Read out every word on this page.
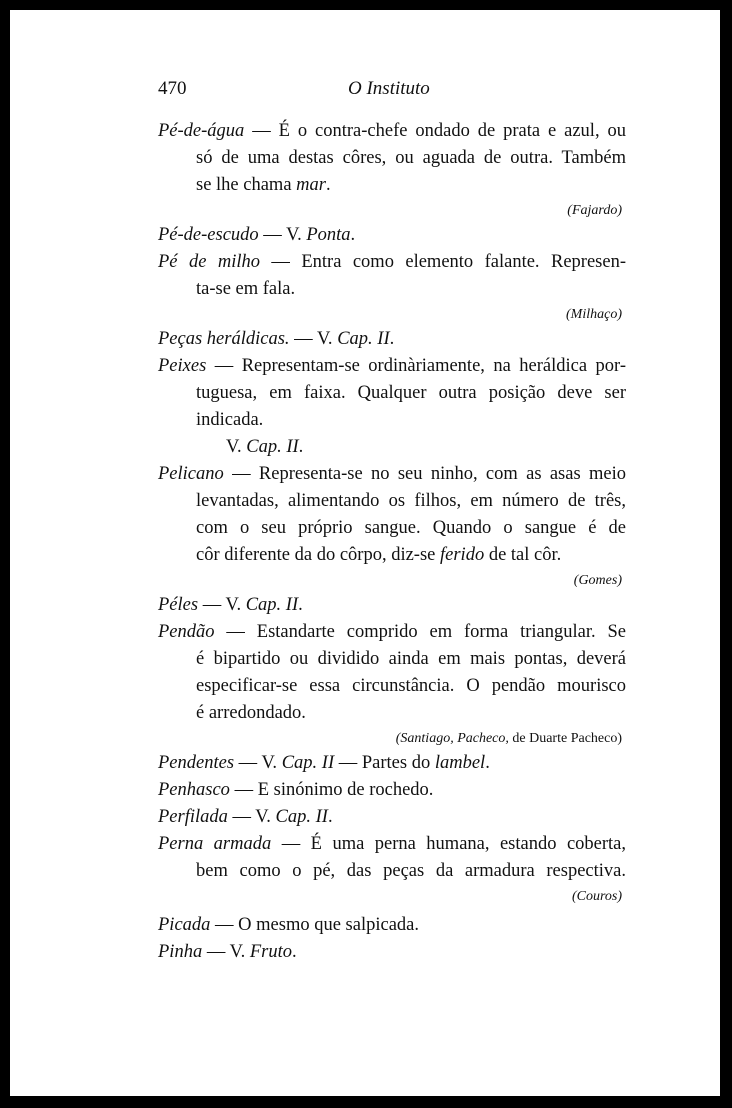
470	O Instituto
Pé-de-água — É o contra-chefe ondado de prata e azul, ou
só de uma destas côres, ou aguada de outra. Também
se lhe chama mar.
(Fajardo)
Pé-de-escudo — V. Ponta.
Pé de milho — Entra como elemento falante. Represen-
ta-se em fala.
(Milhaço)
Peças heráldicas. — V. Cap. II.
Peixes — Representam-se ordinàriamente, na heráldica por-
tuguesa, em faixa. Qualquer outra posição deve ser
indicada.
V. Cap. II.
Pelicano — Representa-se no seu ninho, com as asas meio
levantadas, alimentando os filhos, em número de três,
com o seu próprio sangue. Quando o sangue é de
côr diferente da do côrpo, diz-se ferido de tal côr.
(Gomes)
Péles — V. Cap. II.
Pendão — Estandarte comprido em forma triangular. Se
é bipartido ou dividido ainda em mais pontas, deverá
especificar-se essa circunstância. O pendão mourisco
é arredondado.
(Santiago, Pacheco, de Duarte Pacheco)
Pendentes — V. Cap. II — Partes do lambel.
Penhasco — E sinónimo de rochedo.
Perfilada — V. Cap. II.
Perna armada — É uma perna humana, estando coberta,
bem como o pé, das peças da armadura respectiva.
(Couros)
Picada — O mesmo que salpicada.
Pinha — V. Fruto.
